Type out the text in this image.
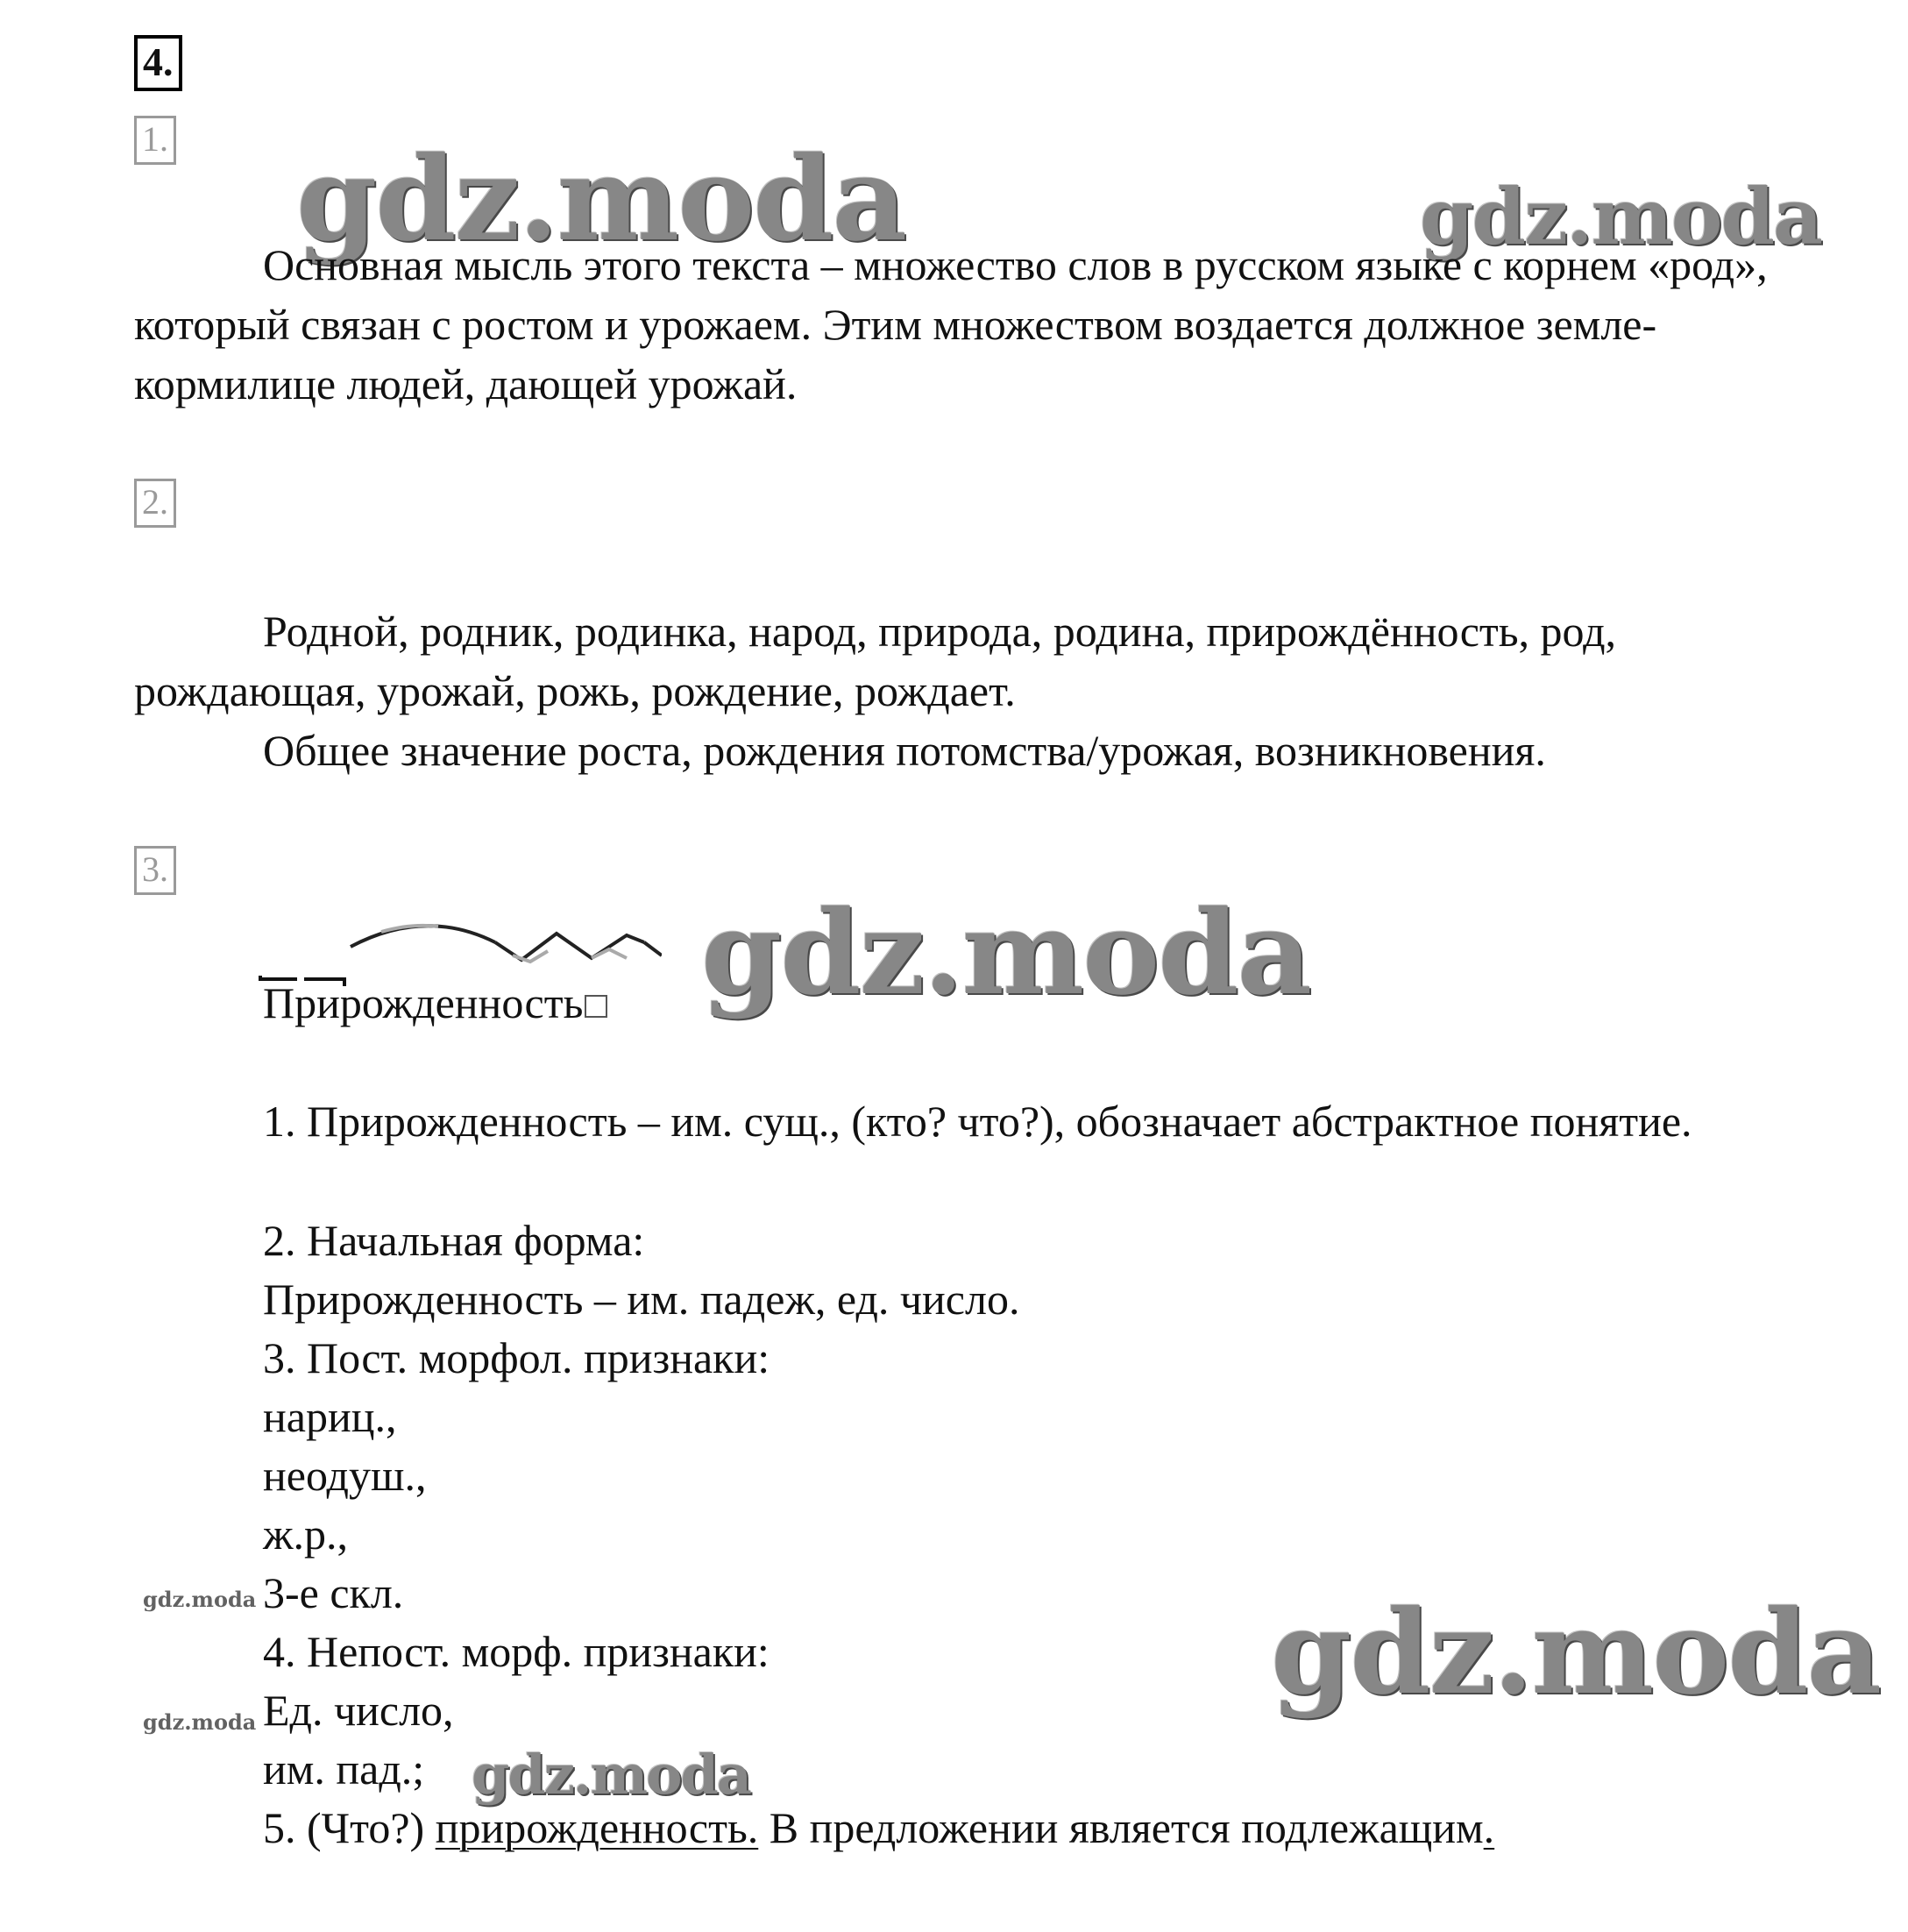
4.
1. gdz.moda	gdz.moda
Основная мысль этого текста – множество слов в русском языке с корнем «род», который связан с ростом и урожаем. Этим множеством воздается должное земле-кормилице людей, дающей урожай.
2.
Родной, родник, родинка, народ, природа, родина, прирождённость, род, рождающая, урожай, рожь, рождение, рождает.
Общее значение роста, рождения потомства/урожая, возникновения.
3.
gdz.moda
Прирожденность
1. Прирожденность – им. сущ., (кто? что?), обозначает абстрактное понятие.
2. Начальная форма:
Прирожденность – им. падеж, ед. число.
3. Пост. морфол. признаки:
нариц.,
неодуш.,
ж.р.,
3-е скл.
4. Непост. морф. признаки:
Ед. число,
им. пад.;
5. (Что?) прирожденность. В предложении является подлежащим.
gdz.moda
gdz.moda
gdz.moda
gdz.moda
